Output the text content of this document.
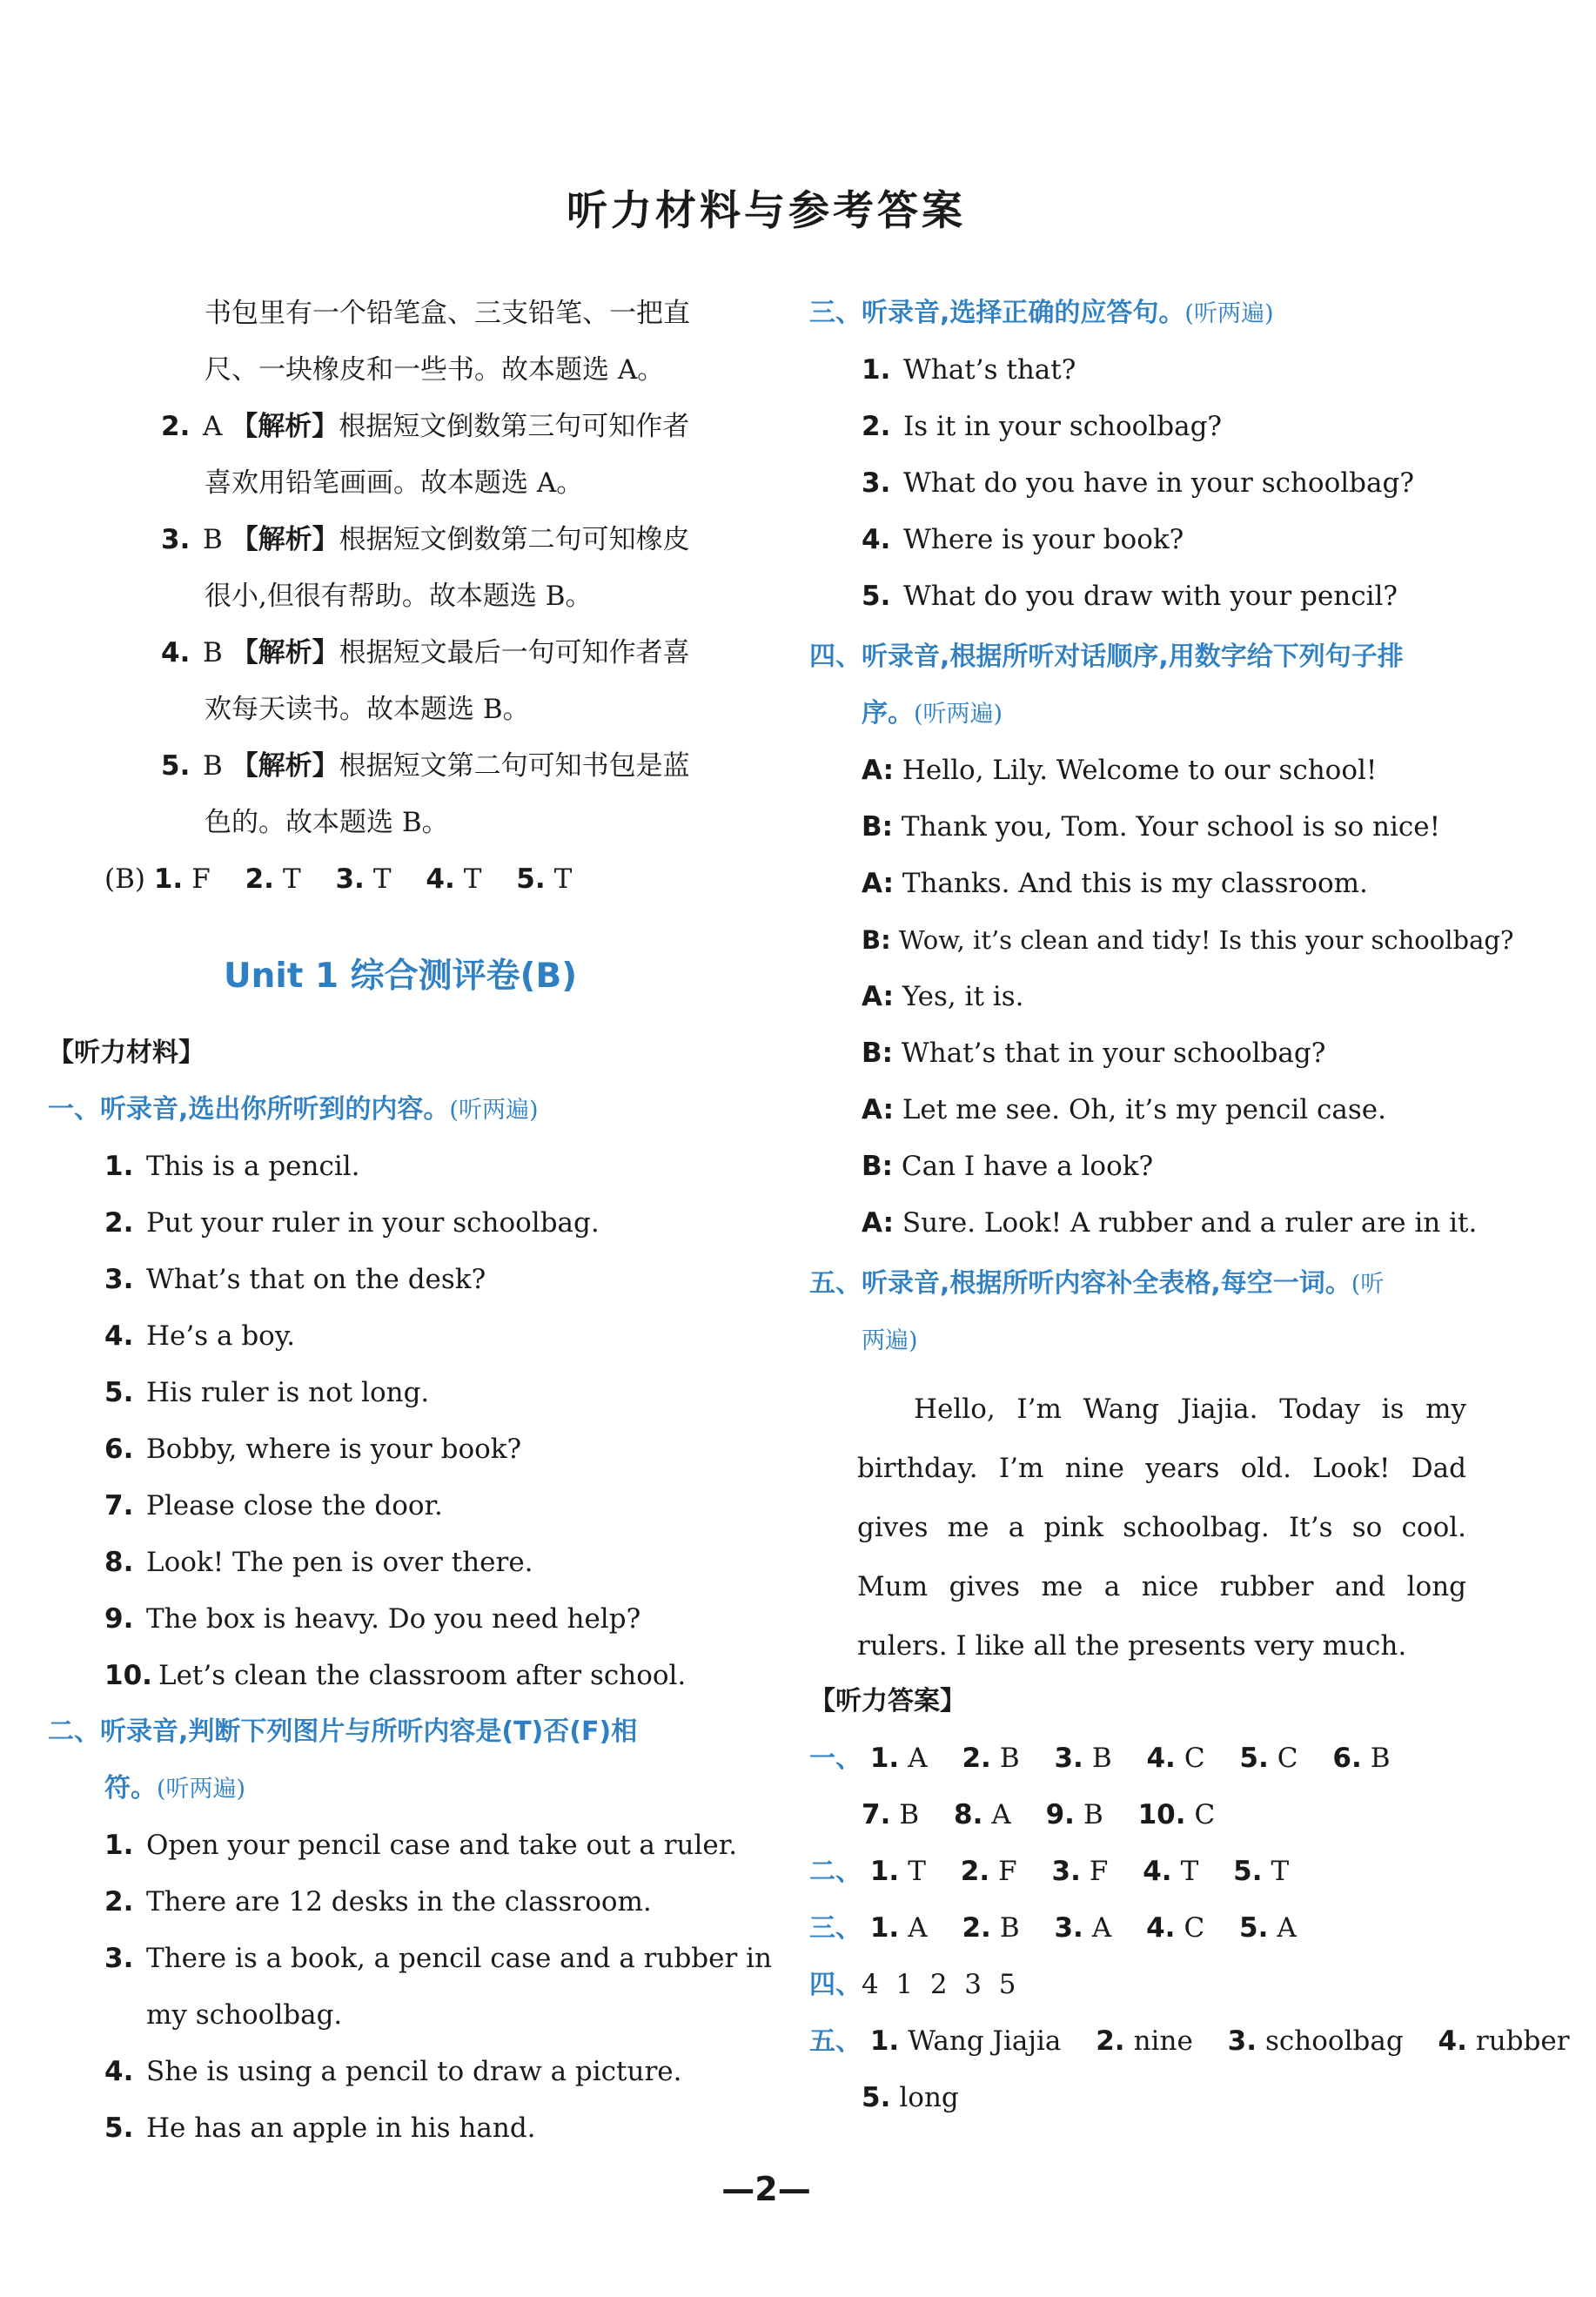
听力材料与参考答案
书包里有一个铅笔盒、三支铅笔、一把直
尺、一块橡皮和一些书。故本题选 A。
2. A 【解析】根据短文倒数第三句可知作者
喜欢用铅笔画画。故本题选 A。
3. B 【解析】根据短文倒数第二句可知橡皮
很小,但很有帮助。故本题选 B。
4. B 【解析】根据短文最后一句可知作者喜
欢每天读书。故本题选 B。
5. B 【解析】根据短文第二句可知书包是蓝
色的。故本题选 B。
(B) 1. F 2. T 3. T 4. T 5. T
Unit 1 综合测评卷(B)
【听力材料】
一、听录音,选出你所听到的内容。(听两遍)
1. This is a pencil.
2. Put your ruler in your schoolbag.
3. What’s that on the desk?
4. He’s a boy.
5. His ruler is not long.
6. Bobby, where is your book?
7. Please close the door.
8. Look! The pen is over there.
9. The box is heavy. Do you need help?
10. Let’s clean the classroom after school.
二、听录音,判断下列图片与所听内容是(T)否(F)相
符。(听两遍)
1. Open your pencil case and take out a ruler.
2. There are 12 desks in the classroom.
3. There is a book, a pencil case and a rubber in
my schoolbag.
4. She is using a pencil to draw a picture.
5. He has an apple in his hand.
三、听录音,选择正确的应答句。(听两遍)
1. What’s that?
2. Is it in your schoolbag?
3. What do you have in your schoolbag?
4. Where is your book?
5. What do you draw with your pencil?
四、听录音,根据所听对话顺序,用数字给下列句子排
序。(听两遍)
A: Hello, Lily. Welcome to our school!
B: Thank you, Tom. Your school is so nice!
A: Thanks. And this is my classroom.
B: Wow, it’s clean and tidy! Is this your schoolbag?
A: Yes, it is.
B: What’s that in your schoolbag?
A: Let me see. Oh, it’s my pencil case.
B: Can I have a look?
A: Sure. Look! A rubber and a ruler are in it.
五、听录音,根据所听内容补全表格,每空一词。(听
两遍)
Hello, I’m Wang Jiajia. Today is my birthday. I’m nine years old. Look! Dad gives me a pink schoolbag. It’s so cool. Mum gives me a nice rubber and long rulers. I like all the presents very much.
【听力答案】
一、 1. A 2. B 3. B 4. C 5. C 6. B
7. B 8. A 9. B 10. C
二、 1. T 2. F 3. F 4. T 5. T
三、 1. A 2. B 3. A 4. C 5. A
四、4  1  2  3  5
五、 1. Wang Jiajia 2. nine 3. schoolbag 4. rubber
5. long
—2—
